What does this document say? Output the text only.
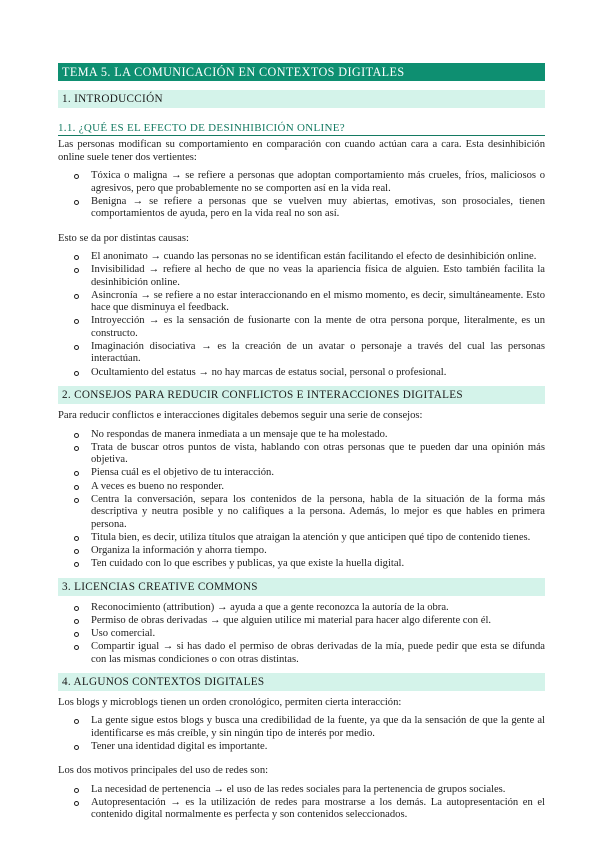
TEMA 5. LA COMUNICACIÓN EN CONTEXTOS DIGITALES
1. INTRODUCCIÓN
1.1. ¿QUÉ ES EL EFECTO DE DESINHIBICIÓN ONLINE?

Las personas modifican su comportamiento en comparación con cuando actúan cara a cara. Esta desinhibición online suele tener dos vertientes:

Tóxica o maligna → se refiere a personas que adoptan comportamiento más crueles, fríos, maliciosos o agresivos, pero que probablemente no se comporten así en la vida real.
Benigna → se refiere a personas que se vuelven muy abiertas, emotivas, son prosociales, tienen comportamientos de ayuda, pero en la vida real no son así.

Esto se da por distintas causas:

El anonimato → cuando las personas no se identifican están facilitando el efecto de desinhibición online.
Invisibilidad → refiere al hecho de que no veas la apariencia física de alguien. Esto también facilita la desinhibición online.
Asincronía → se refiere a no estar interaccionando en el mismo momento, es decir, simultáneamente. Esto hace que disminuya el feedback.
Introyección → es la sensación de fusionarte con la mente de otra persona porque, literalmente, es un constructo.
Imaginación disociativa → es la creación de un avatar o personaje a través del cual las personas interactúan.
Ocultamiento del estatus → no hay marcas de estatus social, personal o profesional.
2. CONSEJOS PARA REDUCIR CONFLICTOS E INTERACCIONES DIGITALES

Para reducir conflictos e interacciones digitales debemos seguir una serie de consejos:

No respondas de manera inmediata a un mensaje que te ha molestado.
Trata de buscar otros puntos de vista, hablando con otras personas que te pueden dar una opinión más objetiva.
Piensa cuál es el objetivo de tu interacción.
A veces es bueno no responder.
Centra la conversación, separa los contenidos de la persona, habla de la situación de la forma más descriptiva y neutra posible y no califiques a la persona. Además, lo mejor es que hables en primera persona.
Titula bien, es decir, utiliza títulos que atraigan la atención y que anticipen qué tipo de contenido tienes.
Organiza la información y ahorra tiempo.
Ten cuidado con lo que escribes y publicas, ya que existe la huella digital.
3. LICENCIAS CREATIVE COMMONS
Reconocimiento (attribution) → ayuda a que a gente reconozca la autoría de la obra.
Permiso de obras derivadas → que alguien utilice mi material para hacer algo diferente con él.
Uso comercial.
Compartir igual → si has dado el permiso de obras derivadas de la mía, puede pedir que esta se difunda con las mismas condiciones o con otras distintas.
4. ALGUNOS CONTEXTOS DIGITALES

Los blogs y microblogs tienen un orden cronológico, permiten cierta interacción:

La gente sigue estos blogs y busca una credibilidad de la fuente, ya que da la sensación de que la gente al identificarse es más creíble, y sin ningún tipo de interés por medio.
Tener una identidad digital es importante.

Los dos motivos principales del uso de redes son:

La necesidad de pertenencia → el uso de las redes sociales para la pertenencia de grupos sociales.
Autopresentación → es la utilización de redes para mostrarse a los demás. La autopresentación en el contenido digital normalmente es perfecta y son contenidos seleccionados.
